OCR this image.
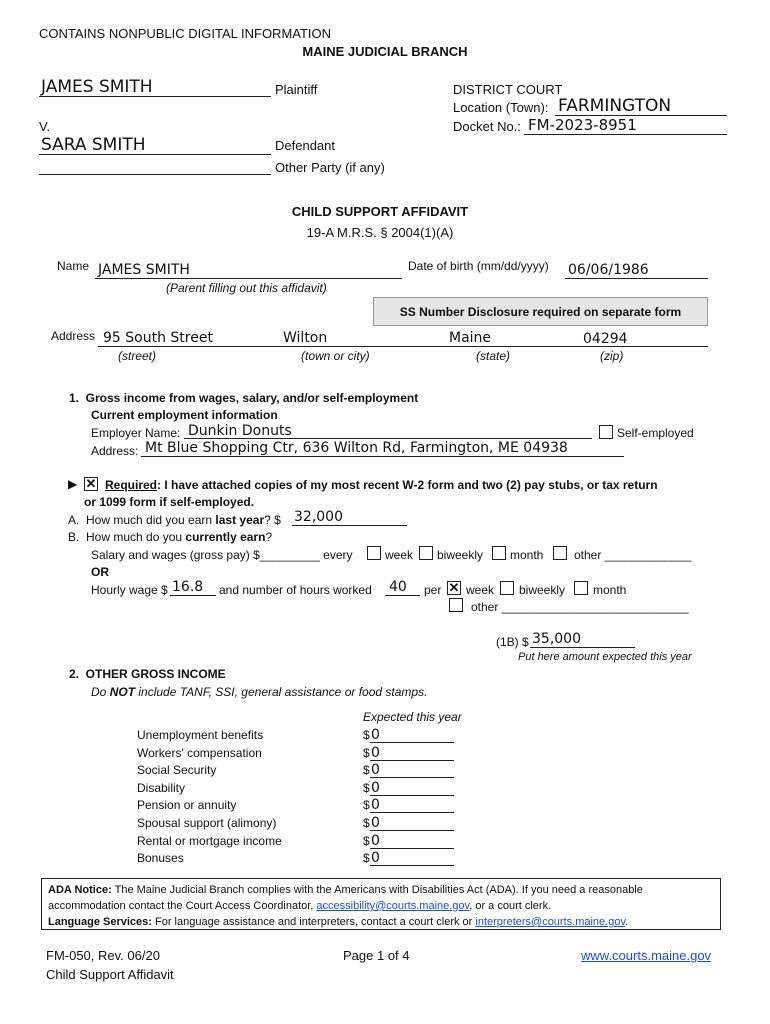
CONTAINS NONPUBLIC DIGITAL INFORMATION
MAINE JUDICIAL BRANCH
JAMES SMITH	Plaintiff
V.
SARA SMITH	Defendant
Other Party (if any)
DISTRICT COURT
Location (Town): FARMINGTON
Docket No.: FM-2023-8951
CHILD SUPPORT AFFIDAVIT
19-A M.R.S. § 2004(1)(A)
Name JAMES SMITH
(Parent filling out this affidavit)
Date of birth (mm/dd/yyyy) 06/06/1986
SS Number Disclosure required on separate form
Address 95 South Street	Wilton	Maine	04294
(street)	(town or city)	(state)	(zip)
1.  Gross income from wages, salary, and/or self-employment
Current employment information
Employer Name: Dunkin Donuts	Self-employed
Address: Mt Blue Shopping Ctr, 636 Wilton Rd, Farmington, ME 04938
▶ ✕ Required: I have attached copies of my most recent W-2 form and two (2) pay stubs, or tax return
or 1099 form if self-employed.
A.  How much did you earn last year? $ 32,000
B.  How much do you currently earn?
Salary and wages (gross pay) $_________ every	week biweekly month	other _____________
OR
Hourly wage $ 16.8 and number of hours worked 40 per ✕ week biweekly month
other ____________________________
(1B) $ 35,000
Put here amount expected this year
2.  OTHER GROSS INCOME
Do NOT include TANF, SSI, general assistance or food stamps.
Expected this year
Unemployment benefits	$ 0
Workers' compensation	$ 0
Social Security	$ 0
Disability	$ 0
Pension or annuity	$ 0
Spousal support (alimony)	$ 0
Rental or mortgage income	$ 0
Bonuses	$ 0
ADA Notice: The Maine Judicial Branch complies with the Americans with Disabilities Act (ADA). If you need a reasonable
accommodation contact the Court Access Coordinator, accessibility@courts.maine.gov, or a court clerk.
Language Services: For language assistance and interpreters, contact a court clerk or interpreters@courts.maine.gov.
FM-050, Rev. 06/20
Child Support Affidavit
Page 1 of 4	www.courts.maine.gov
